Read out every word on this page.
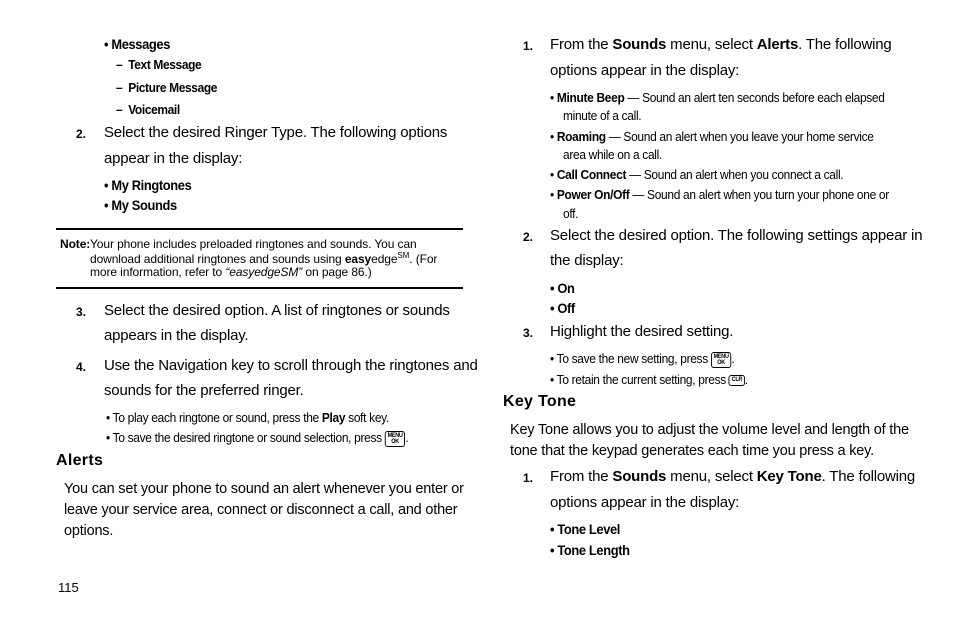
• Messages
–  Text Message
–  Picture Message
–  Voicemail
2. Select the desired Ringer Type. The following options
appear in the display:
• My Ringtones
• My Sounds
Note: Your phone includes preloaded ringtones and sounds. You can
download additional ringtones and sounds using easyedge℠. (For
more information, refer to “easyedgeSM” on page 86.)
3. Select the desired option. A list of ringtones or sounds
appears in the display.
4. Use the Navigation key to scroll through the ringtones and
sounds for the preferred ringer.
• To play each ringtone or sound, press the Play soft key.
• To save the desired ringtone or sound selection, press MENU
OK .
Alerts
You can set your phone to sound an alert whenever you enter or
leave your service area, connect or disconnect a call, and other
options.
115
1. From the Sounds menu, select Alerts. The following
options appear in the display:
• Minute Beep — Sound an alert ten seconds before each elapsed
minute of a call.
• Roaming — Sound an alert when you leave your home service
area while on a call.
• Call Connect — Sound an alert when you connect a call.
• Power On/Off — Sound an alert when you turn your phone one or
off.
2. Select the desired option. The following settings appear in
the display:
• On
• Off
3. Highlight the desired setting.
• To save the new setting, press MENU
OK .
• To retain the current setting, press CLR .
Key Tone
Key Tone allows you to adjust the volume level and length of the
tone that the keypad generates each time you press a key.
1. From the Sounds menu, select Key Tone. The following
options appear in the display:
• Tone Level
• Tone Length
